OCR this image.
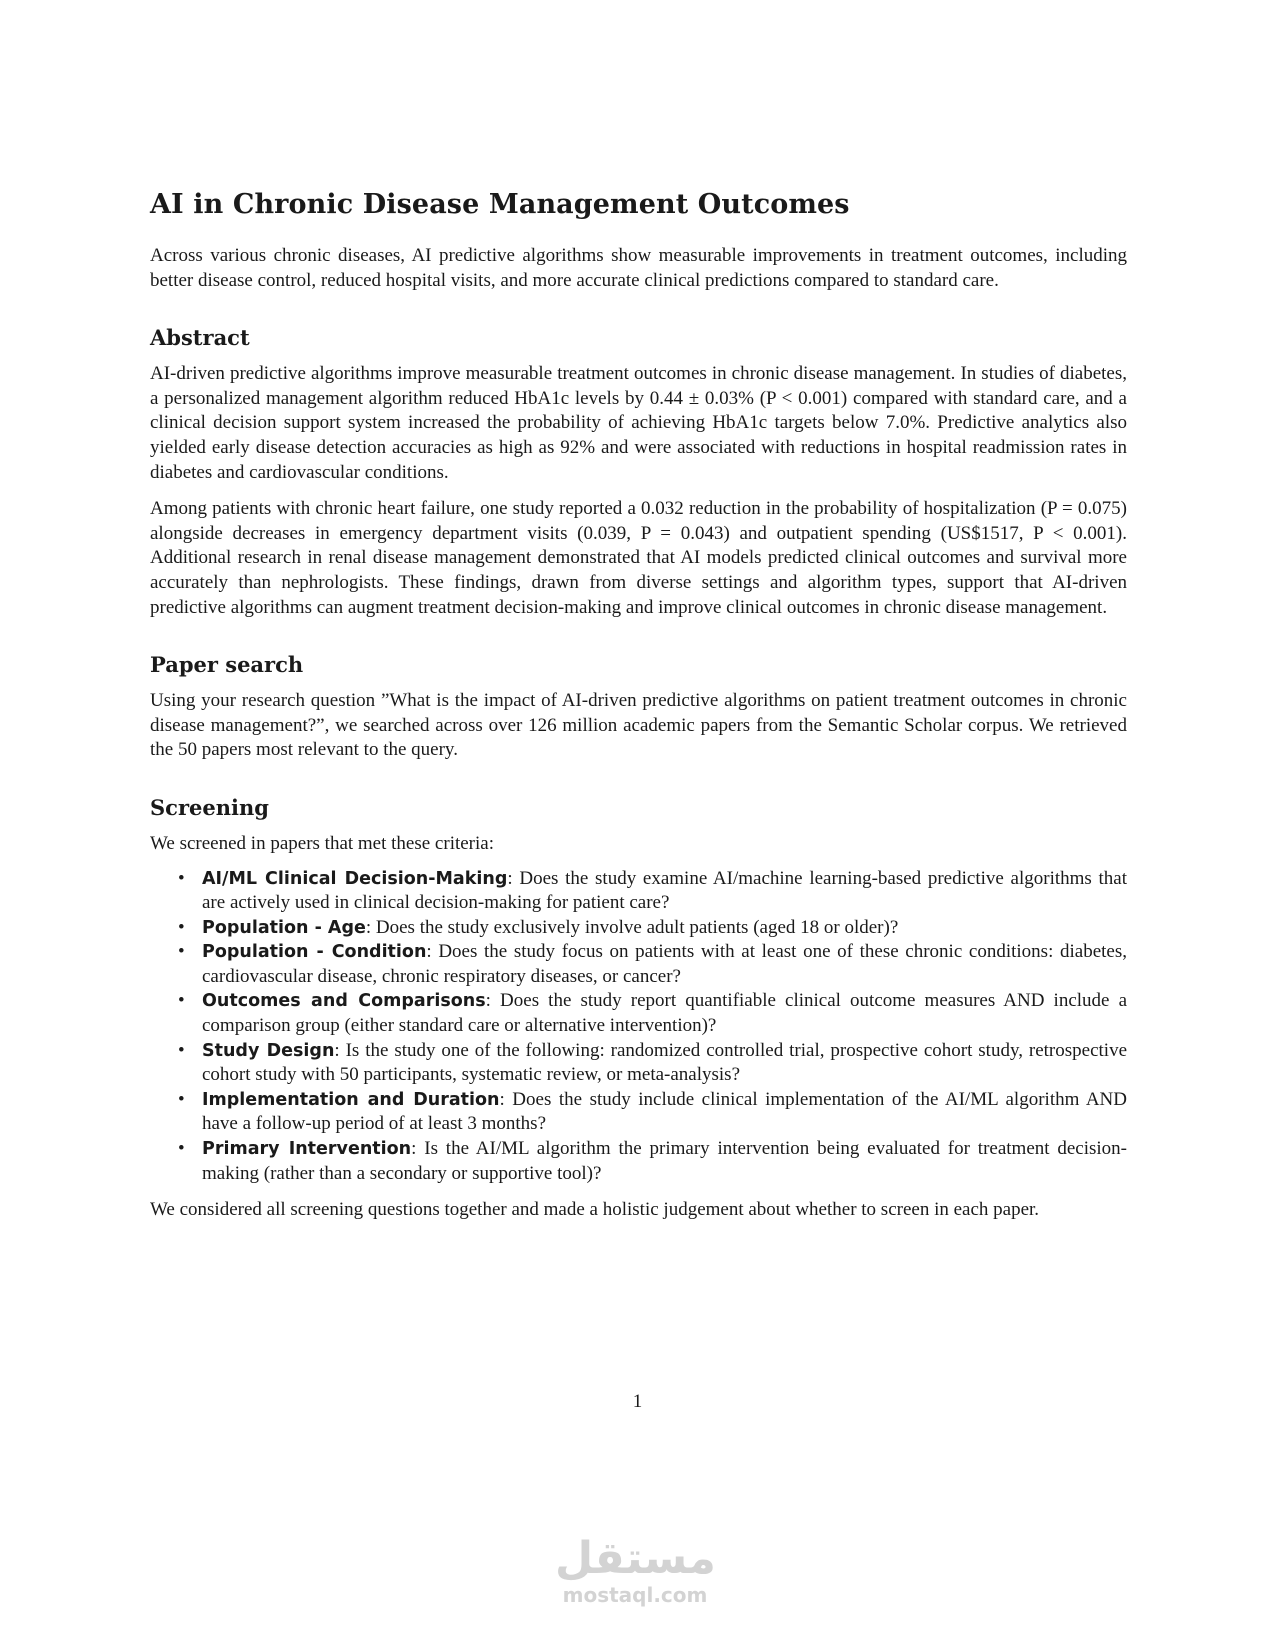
AI in Chronic Disease Management Outcomes

Across various chronic diseases, AI predictive algorithms show measurable improvements in treatment outcomes, including better disease control, reduced hospital visits, and more accurate clinical predictions compared to standard care.

Abstract

AI-driven predictive algorithms improve measurable treatment outcomes in chronic disease management. In studies of diabetes, a personalized management algorithm reduced HbA1c levels by 0.44 ± 0.03% (P < 0.001) compared with standard care, and a clinical decision support system increased the probability of achieving HbA1c targets below 7.0%. Predictive analytics also yielded early disease detection accuracies as high as 92% and were associated with reductions in hospital readmission rates in diabetes and cardiovascular conditions.

Among patients with chronic heart failure, one study reported a 0.032 reduction in the probability of hospitalization (P = 0.075) alongside decreases in emergency department visits (0.039, P = 0.043) and outpatient spending (US$1517, P < 0.001). Additional research in renal disease management demonstrated that AI models predicted clinical outcomes and survival more accurately than nephrologists. These findings, drawn from diverse settings and algorithm types, support that AI-driven predictive algorithms can augment treatment decision-making and improve clinical outcomes in chronic disease management.

Paper search

Using your research question ”What is the impact of AI-driven predictive algorithms on patient treatment outcomes in chronic disease management?”, we searched across over 126 million academic papers from the Semantic Scholar corpus. We retrieved the 50 papers most relevant to the query.

Screening

We screened in papers that met these criteria:

• AI/ML Clinical Decision-Making: Does the study examine AI/machine learning-based predictive algorithms that are actively used in clinical decision-making for patient care?
• Population - Age: Does the study exclusively involve adult patients (aged 18 or older)?
• Population - Condition: Does the study focus on patients with at least one of these chronic conditions: diabetes, cardiovascular disease, chronic respiratory diseases, or cancer?
• Outcomes and Comparisons: Does the study report quantifiable clinical outcome measures AND include a comparison group (either standard care or alternative intervention)?
• Study Design: Is the study one of the following: randomized controlled trial, prospective cohort study, retrospective cohort study with 50 participants, systematic review, or meta-analysis?
• Implementation and Duration: Does the study include clinical implementation of the AI/ML algorithm AND have a follow-up period of at least 3 months?
• Primary Intervention: Is the AI/ML algorithm the primary intervention being evaluated for treatment decision-making (rather than a secondary or supportive tool)?

We considered all screening questions together and made a holistic judgement about whether to screen in each paper.

1
مستقل
mostaql.com
